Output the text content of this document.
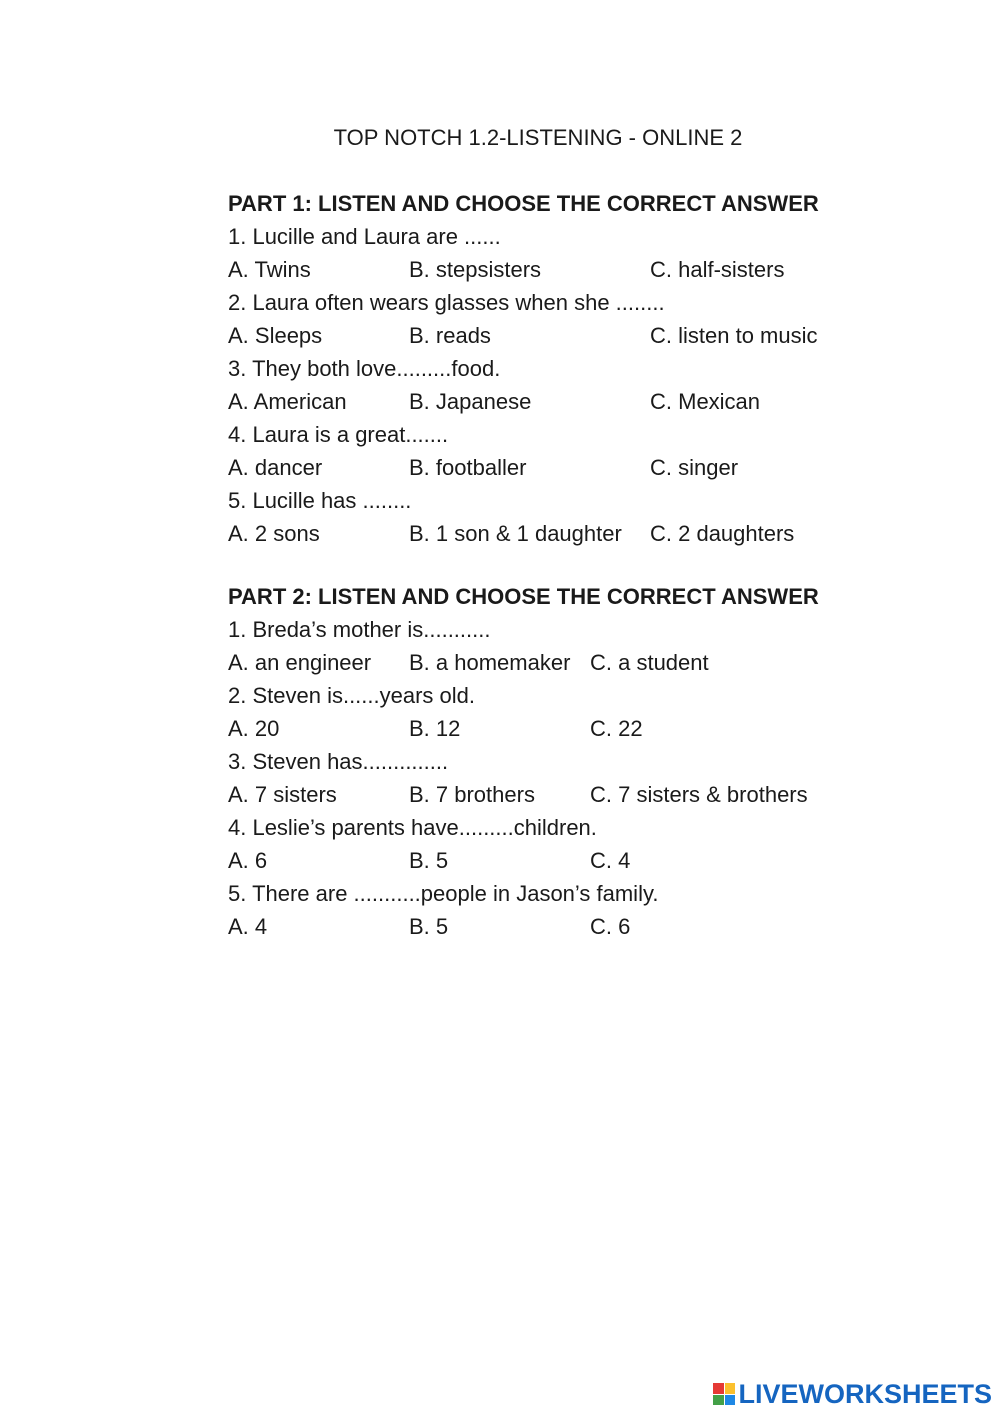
TOP NOTCH 1.2-LISTENING - ONLINE 2
PART 1: LISTEN AND CHOOSE THE CORRECT ANSWER
1. Lucille and Laura are ......
A. Twins	B. stepsisters	C. half-sisters
2. Laura often wears glasses when she ........
A. Sleeps	B. reads	C. listen to music
3. They both love.........food.
A. American	B. Japanese	C. Mexican
4. Laura is a great.......
A. dancer	B. footballer	C. singer
5. Lucille has ........
A. 2 sons	B. 1 son & 1 daughter C. 2 daughters
PART 2: LISTEN AND CHOOSE THE CORRECT ANSWER
1. Breda’s mother is...........
A. an engineer B. a homemaker C. a student
2. Steven is......years old.
A. 20	B. 12	C. 22
3. Steven has..............
A. 7 sisters	B. 7 brothers	C. 7 sisters & brothers
4. Leslie’s parents have.........children.
A. 6	B. 5	C. 4
5. There are ...........people in Jason’s family.
A. 4	B. 5	C. 6
LIVEWORKSHEETS
